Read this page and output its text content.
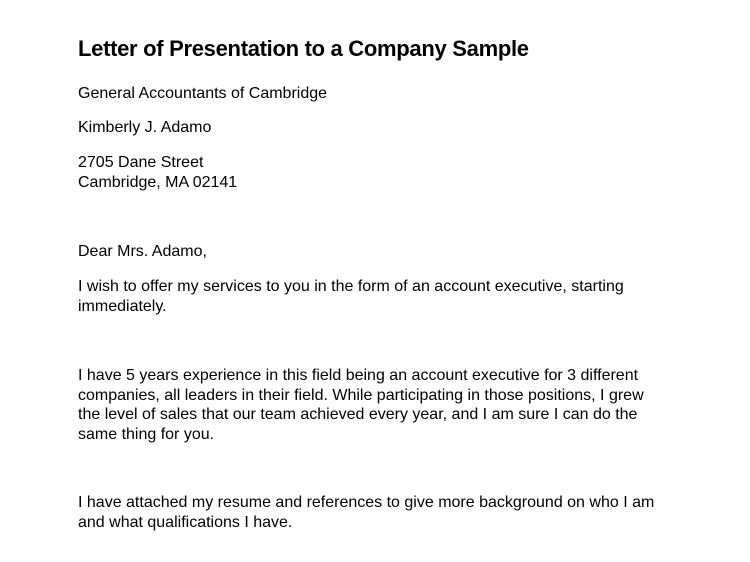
Letter of Presentation to a Company Sample

General Accountants of Cambridge

Kimberly J. Adamo

2705 Dane Street
Cambridge, MA 02141

Dear Mrs. Adamo,

I wish to offer my services to you in the form of an account executive, starting
immediately.
I have 5 years experience in this field being an account executive for 3 different
companies, all leaders in their field. While participating in those positions, I grew
the level of sales that our team achieved every year, and I am sure I can do the
same thing for you.
I have attached my resume and references to give more background on who I am
and what qualifications I have.
